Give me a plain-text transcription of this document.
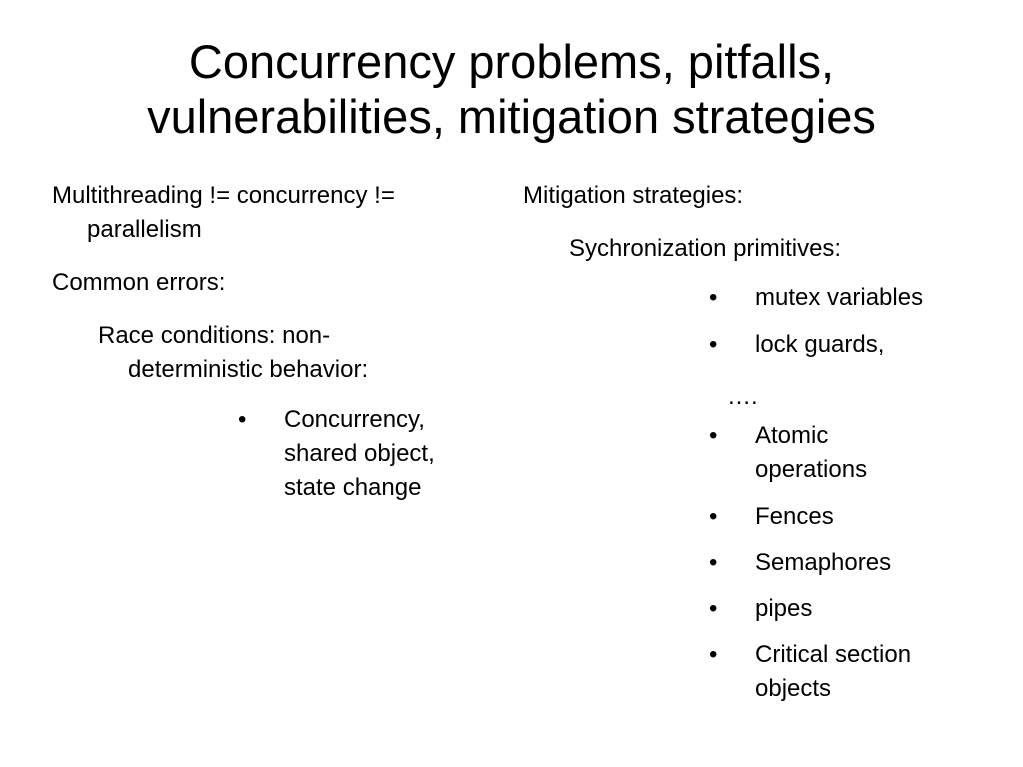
Concurrency problems, pitfalls,
vulnerabilities, mitigation strategies
Multithreading != concurrency !=
parallelism
Common errors:
Race conditions: non-
deterministic behavior:
• Concurrency,
shared object,
state change
Mitigation strategies:
Sychronization primitives:
• mutex variables
• lock guards,
….
• Atomic
operations
• Fences
• Semaphores
• pipes
• Critical section
objects
